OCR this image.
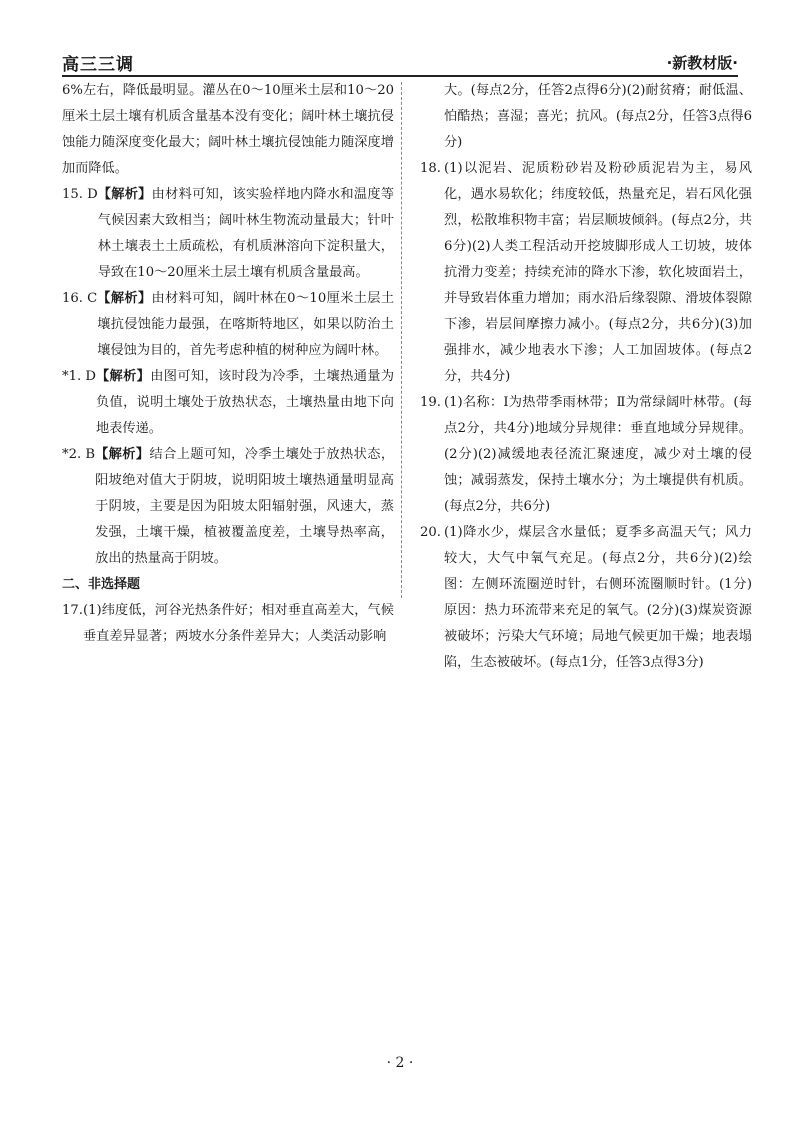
高三三调	·新教材版·
6%左右，降低最明显。灌丛在0～10厘米土层和10～20厘米土层土壤有机质含量基本没有变化；阔叶林土壤抗侵蚀能力随深度变化最大；阔叶林土壤抗侵蚀能力随深度增加而降低。
15. D 【解析】由材料可知，该实验样地内降水和温度等气候因素大致相当；阔叶林生物流动量最大；针叶林土壤表土土质疏松，有机质淋溶向下淀积量大，导致在10～20厘米土层土壤有机质含量最高。
16. C 【解析】由材料可知，阔叶林在0～10厘米土层土壤抗侵蚀能力最强，在喀斯特地区，如果以防治土壤侵蚀为目的，首先考虑种植的树种应为阔叶林。
*1. D 【解析】由图可知，该时段为冷季，土壤热通量为负值，说明土壤处于放热状态，土壤热量由地下向地表传递。
*2. B 【解析】结合上题可知，冷季土壤处于放热状态，阳坡绝对值大于阴坡，说明阳坡土壤热通量明显高于阴坡，主要是因为阳坡太阳辐射强，风速大，蒸发强，土壤干燥，植被覆盖度差，土壤导热率高，放出的热量高于阴坡。
二、非选择题
17. (1)纬度低，河谷光热条件好；相对垂直高差大，气候垂直差异显著；两坡水分条件差异大；人类活动影响
大。(每点2分，任答2点得6分)(2)耐贫瘠；耐低温、怕酷热；喜湿；喜光；抗风。(每点2分，任答3点得6分)
18. (1)以泥岩、泥质粉砂岩及粉砂质泥岩为主，易风化，遇水易软化；纬度较低，热量充足，岩石风化强烈，松散堆积物丰富；岩层顺坡倾斜。(每点2分，共6分)(2)人类工程活动开挖坡脚形成人工切坡，坡体抗滑力变差；持续充沛的降水下渗，软化坡面岩土，并导致岩体重力增加；雨水沿后缘裂隙、滑坡体裂隙下渗，岩层间摩擦力减小。(每点2分，共6分)(3)加强排水，减少地表水下渗；人工加固坡体。(每点2分，共4分)
19. (1)名称：Ⅰ为热带季雨林带；Ⅱ为常绿阔叶林带。(每点2分，共4分)地域分异规律：垂直地域分异规律。(2分)(2)减缓地表径流汇聚速度，减少对土壤的侵蚀；减弱蒸发，保持土壤水分；为土壤提供有机质。(每点2分，共6分)
20. (1)降水少，煤层含水量低；夏季多高温天气；风力较大，大气中氧气充足。(每点2分，共6分)(2)绘图：左侧环流圈逆时针，右侧环流圈顺时针。(1分)原因：热力环流带来充足的氧气。(2分)(3)煤炭资源被破坏；污染大气环境；局地气候更加干燥；地表塌陷，生态被破坏。(每点1分，任答3点得3分)
· 2 ·
